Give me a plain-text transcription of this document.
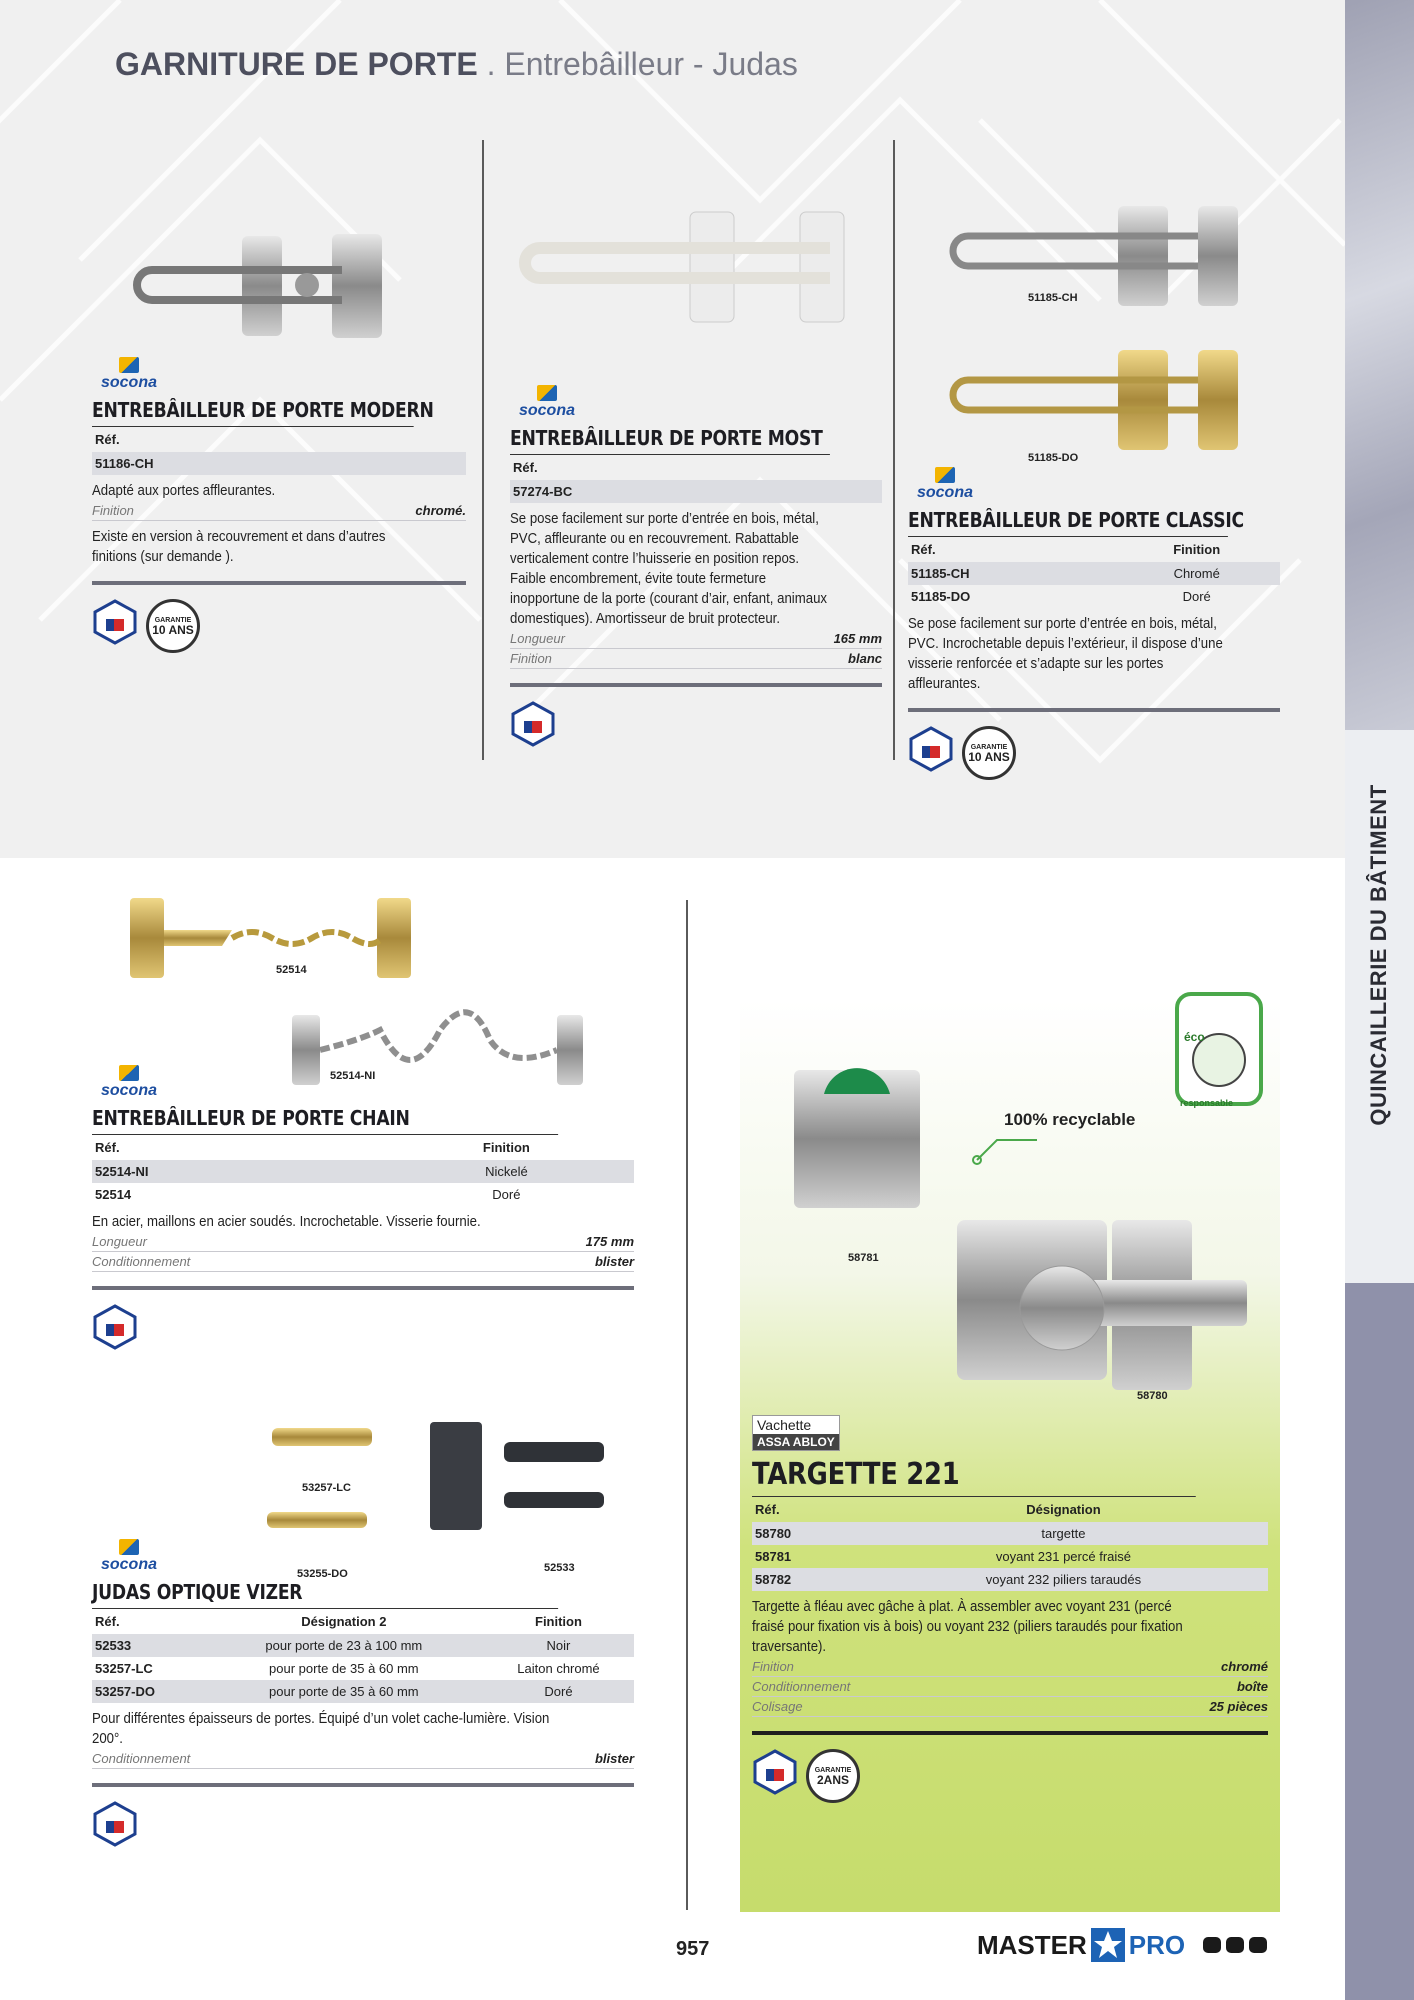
QUINCAILLERIE DU BÂTIMENT
GARNITURE DE PORTE . Entrebâilleur - Judas
socona
ENTREBÂILLEUR DE PORTE MODERN
Réf.
51186-CH
Adapté aux portes affleurantes.
Finition	chromé.
Existe en version à recouvrement et dans d’autres finitions (sur demande ).
GARANTIE
10 ANS
socona
ENTREBÂILLEUR DE PORTE MOST
Réf.
57274-BC
Se pose facilement sur porte d’entrée en bois, métal, PVC, affleurante ou en recouvrement. Rabattable verticalement contre l’huisserie en position repos. Faible encombrement, évite toute fermeture inopportune de la porte (courant d’air, enfant, animaux domestiques). Amortisseur de bruit protecteur.
Longueur	165 mm
Finition	blanc
51185-CH
51185-DO
socona
ENTREBÂILLEUR DE PORTE CLASSIC
Réf.	Finition
51185-CH	Chromé
51185-DO	Doré
Se pose facilement sur porte d’entrée en bois, métal, PVC. Incrochetable depuis l’extérieur, il dispose d’une visserie renforcée et s’adapte sur les portes affleurantes.
GARANTIE
10 ANS
52514
52514-NI
socona
ENTREBÂILLEUR DE PORTE CHAIN
Réf.	Finition
52514-NI	Nickelé
52514	Doré
En acier, maillons en acier soudés. Incrochetable. Visserie fournie.
Longueur	175 mm
Conditionnement	blister
53257-LC
53255-DO	52533
socona
JUDAS OPTIQUE VIZER
Réf.	Désignation 2	Finition
52533	pour porte de 23 à 100 mm	Noir
53257-LC	pour porte de 35 à 60 mm	Laiton chromé
53257-DO	pour porte de 35 à 60 mm	Doré
Pour différentes épaisseurs de portes. Équipé d’un volet cache-lumière. Vision 200°.
Conditionnement	blister

100% recyclable
éco
responsable
58781
58780
Vachette
ASSA ABLOY
TARGETTE 221
Réf.	Désignation
58780	targette
58781	voyant 231 percé fraisé
58782	voyant 232 piliers taraudés
Targette à fléau avec gâche à plat. À assembler avec voyant 231 (percé fraisé pour fixation vis à bois) ou voyant 232 (piliers taraudés pour fixation traversante).
Finition	chromé
Conditionnement	boîte
Colisage	25 pièces
GARANTIE
2ANS
957	MASTER PRO
